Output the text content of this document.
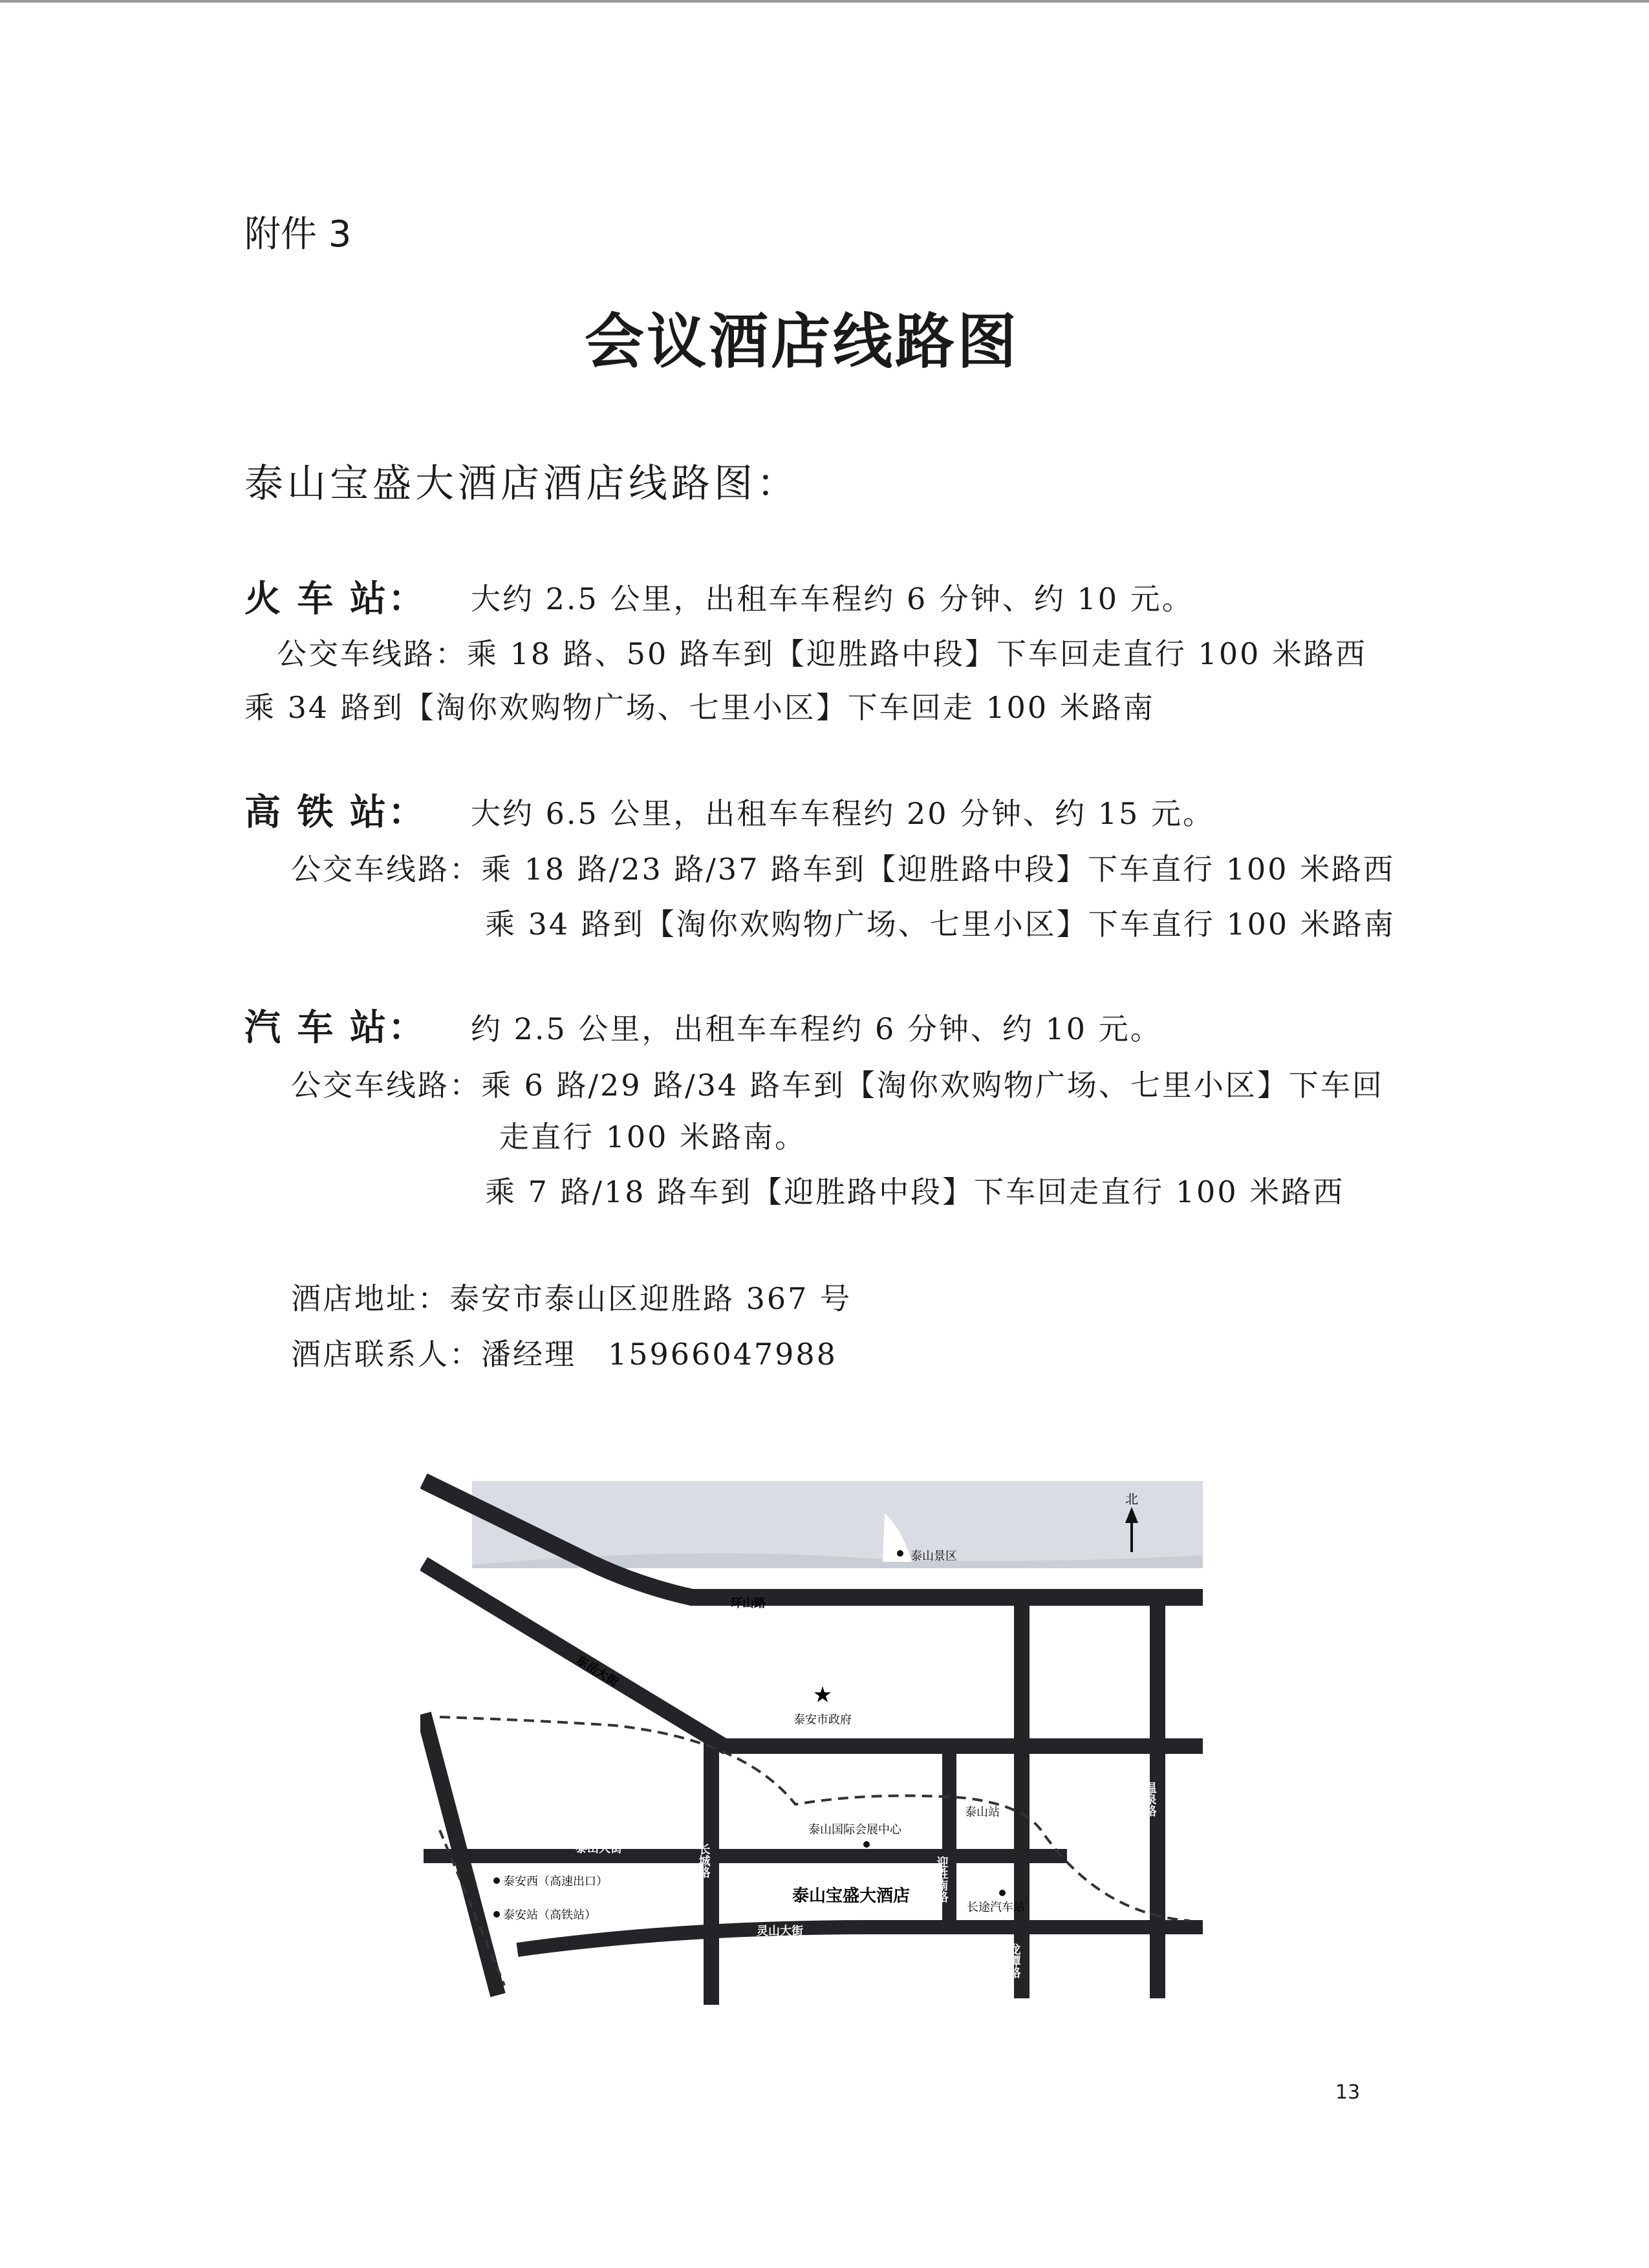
附件 3
会议酒店线路图
泰山宝盛大酒店酒店线路图：
火 车 站： 大约 2.5 公里，出租车车程约 6 分钟、约 10 元。
公交车线路：乘 18 路、50 路车到【迎胜路中段】下车回走直行 100 米路西
乘 34 路到【淘你欢购物广场、七里小区】下车回走 100 米路南
高 铁 站： 大约 6.5 公里，出租车车程约 20 分钟、约 15 元。
公交车线路：乘 18 路/23 路/37 路车到【迎胜路中段】下车直行 100 米路西
乘 34 路到【淘你欢购物广场、七里小区】下车直行 100 米路南
汽 车 站： 约 2.5 公里，出租车车程约 6 分钟、约 10 元。
公交车线路：乘 6 路/29 路/34 路车到【淘你欢购物广场、七里小区】下车回
走直行 100 米路南。
乘 7 路/18 路车到【迎胜路中段】下车回走直行 100 米路西
酒店地址：泰安市泰山区迎胜路 367 号
酒店联系人：潘经理　15966047988
北
泰山景区
环山路
东岳大街
★
泰安市政府
泰山国际会展中心
泰山站
泰山大街	长城路	迎胜南路
温泉路
龙潭路
泰山宝盛大酒店
长途汽车站
泰安西（高速出口）
泰安站（高铁站）
灵山大街
13
